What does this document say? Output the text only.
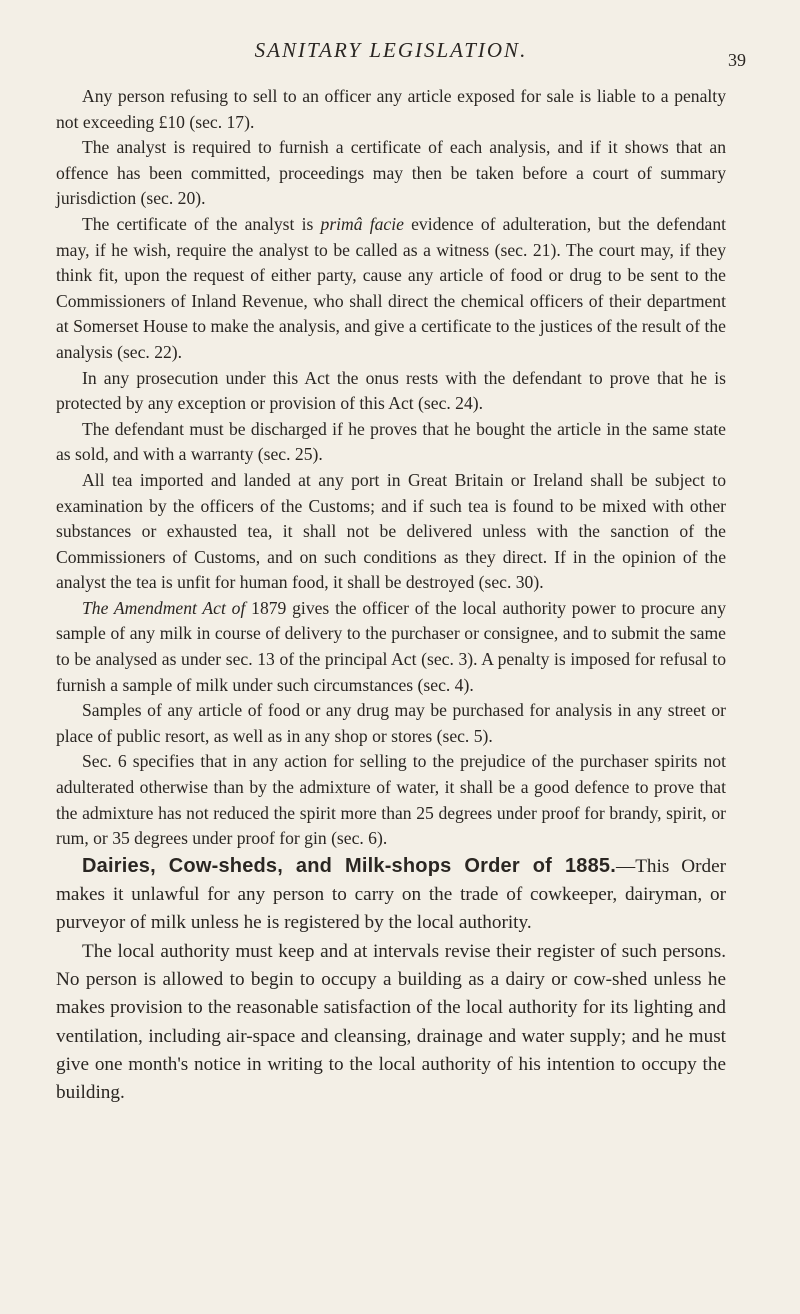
SANITARY LEGISLATION.	39

Any person refusing to sell to an officer any article exposed for sale is liable to a penalty not exceeding £10 (sec. 17).

The analyst is required to furnish a certificate of each analysis, and if it shows that an offence has been committed, proceedings may then be taken before a court of summary jurisdiction (sec. 20).

The certificate of the analyst is primâ facie evidence of adulteration, but the defendant may, if he wish, require the analyst to be called as a witness (sec. 21). The court may, if they think fit, upon the request of either party, cause any article of food or drug to be sent to the Commissioners of Inland Revenue, who shall direct the chemical officers of their department at Somerset House to make the analysis, and give a certificate to the justices of the result of the analysis (sec. 22).

In any prosecution under this Act the onus rests with the defendant to prove that he is protected by any exception or provision of this Act (sec. 24).

The defendant must be discharged if he proves that he bought the article in the same state as sold, and with a warranty (sec. 25).

All tea imported and landed at any port in Great Britain or Ireland shall be subject to examination by the officers of the Customs; and if such tea is found to be mixed with other substances or exhausted tea, it shall not be delivered unless with the sanction of the Commissioners of Customs, and on such conditions as they direct. If in the opinion of the analyst the tea is unfit for human food, it shall be destroyed (sec. 30).

The Amendment Act of 1879 gives the officer of the local authority power to procure any sample of any milk in course of delivery to the purchaser or consignee, and to submit the same to be analysed as under sec. 13 of the principal Act (sec. 3). A penalty is imposed for refusal to furnish a sample of milk under such circumstances (sec. 4).

Samples of any article of food or any drug may be purchased for analysis in any street or place of public resort, as well as in any shop or stores (sec. 5).

Sec. 6 specifies that in any action for selling to the prejudice of the purchaser spirits not adulterated otherwise than by the admixture of water, it shall be a good defence to prove that the admixture has not reduced the spirit more than 25 degrees under proof for brandy, spirit, or rum, or 35 degrees under proof for gin (sec. 6).

Dairies, Cow-sheds, and Milk-shops Order of 1885.—This Order makes it unlawful for any person to carry on the trade of cowkeeper, dairyman, or purveyor of milk unless he is registered by the local authority.

The local authority must keep and at intervals revise their register of such persons. No person is allowed to begin to occupy a building as a dairy or cow-shed unless he makes provision to the reasonable satisfaction of the local authority for its lighting and ventilation, including air-space and cleansing, drainage and water supply; and he must give one month's notice in writing to the local authority of his intention to occupy the building.
